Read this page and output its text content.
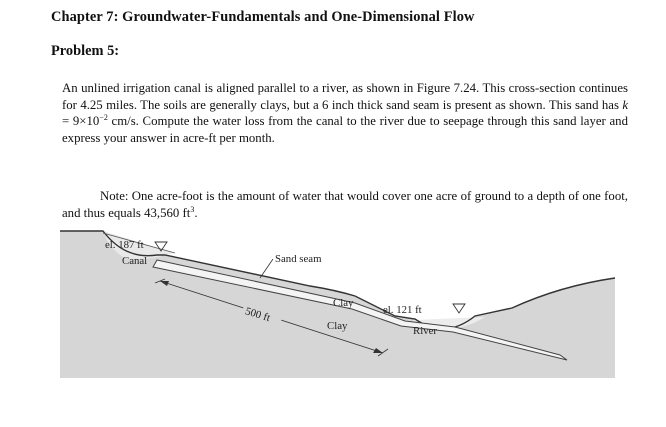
Chapter 7: Groundwater-Fundamentals and One-Dimensional Flow
Problem 5:

An unlined irrigation canal is aligned parallel to a river, as shown in Figure 7.24. This cross-section continues for 4.25 miles. The soils are generally clays, but a 6 inch thick sand seam is present as shown. This sand has $k = 9\times 10^{-2}$ cm/s. Compute the water loss from the canal to the river due to seepage through this sand layer and express your answer in acre-ft per month.

Note: One acre-foot is the amount of water that would cover one acre of ground to a depth of one foot, and thus equals 43,560 $ft^3$.

el. 187 ft
Canal	Sand seam
Clay
Clay
500 ft	el. 121 ft
River
